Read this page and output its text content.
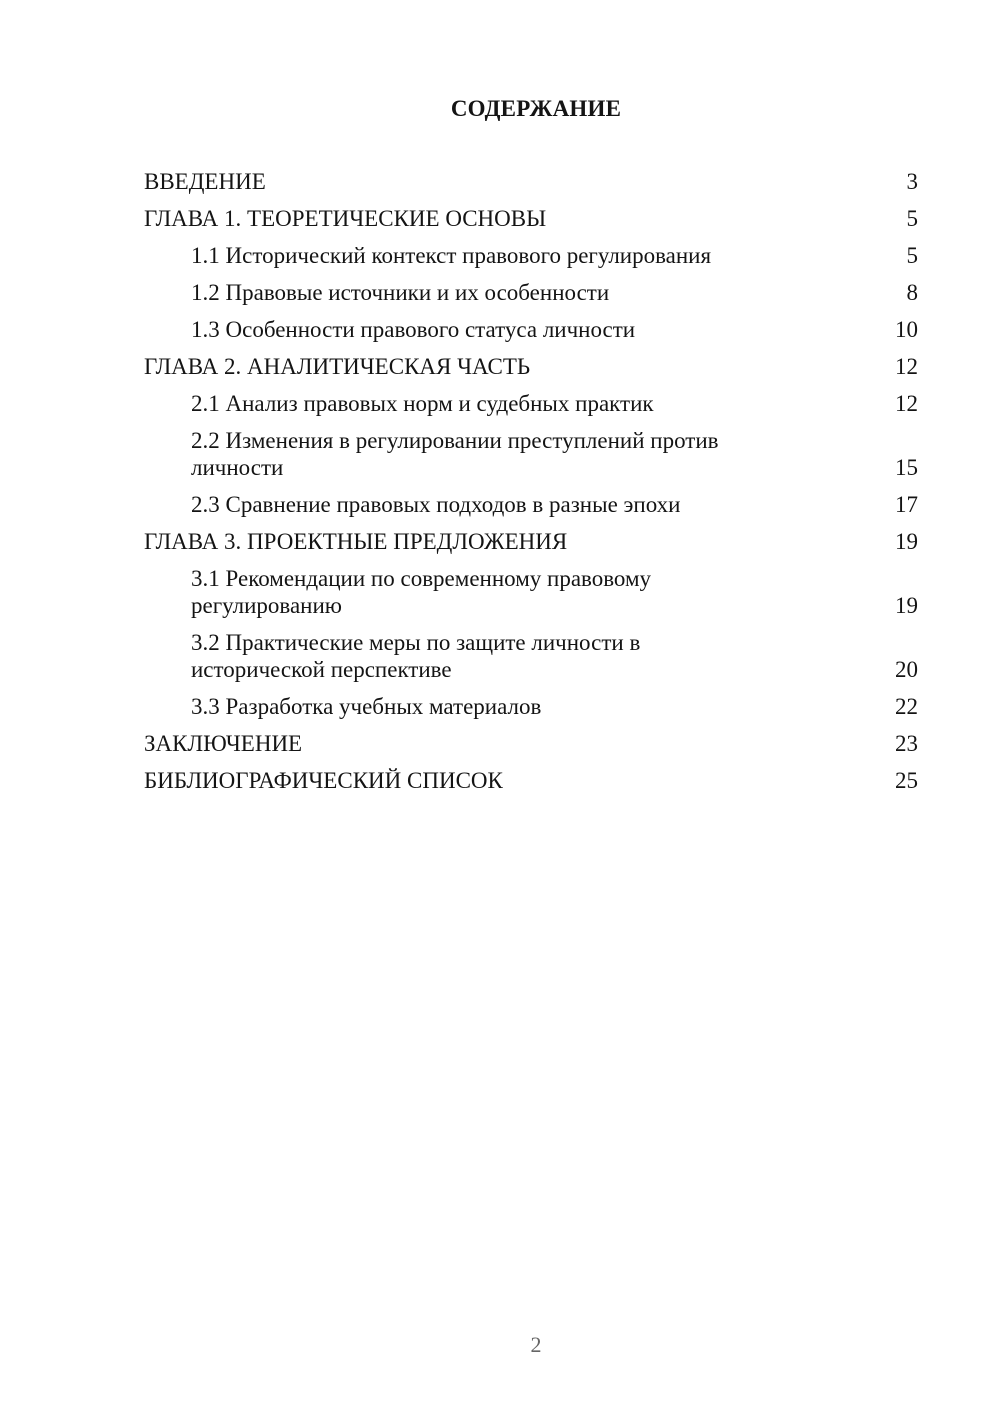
СОДЕРЖАНИЕ
ВВЕДЕНИЕ	3
ГЛАВА 1. ТЕОРЕТИЧЕСКИЕ ОСНОВЫ	5
1.1 Исторический контекст правового регулирования	5
1.2 Правовые источники и их особенности	8
1.3 Особенности правового статуса личности	10
ГЛАВА 2. АНАЛИТИЧЕСКАЯ ЧАСТЬ	12
2.1 Анализ правовых норм и судебных практик	12
2.2 Изменения в регулировании преступлений против личности	15
2.3 Сравнение правовых подходов в разные эпохи	17
ГЛАВА 3. ПРОЕКТНЫЕ ПРЕДЛОЖЕНИЯ	19
3.1 Рекомендации по современному правовому регулированию	19
3.2 Практические меры по защите личности в исторической перспективе	20
3.3 Разработка учебных материалов	22
ЗАКЛЮЧЕНИЕ	23
БИБЛИОГРАФИЧЕСКИЙ СПИСОК	25
2
